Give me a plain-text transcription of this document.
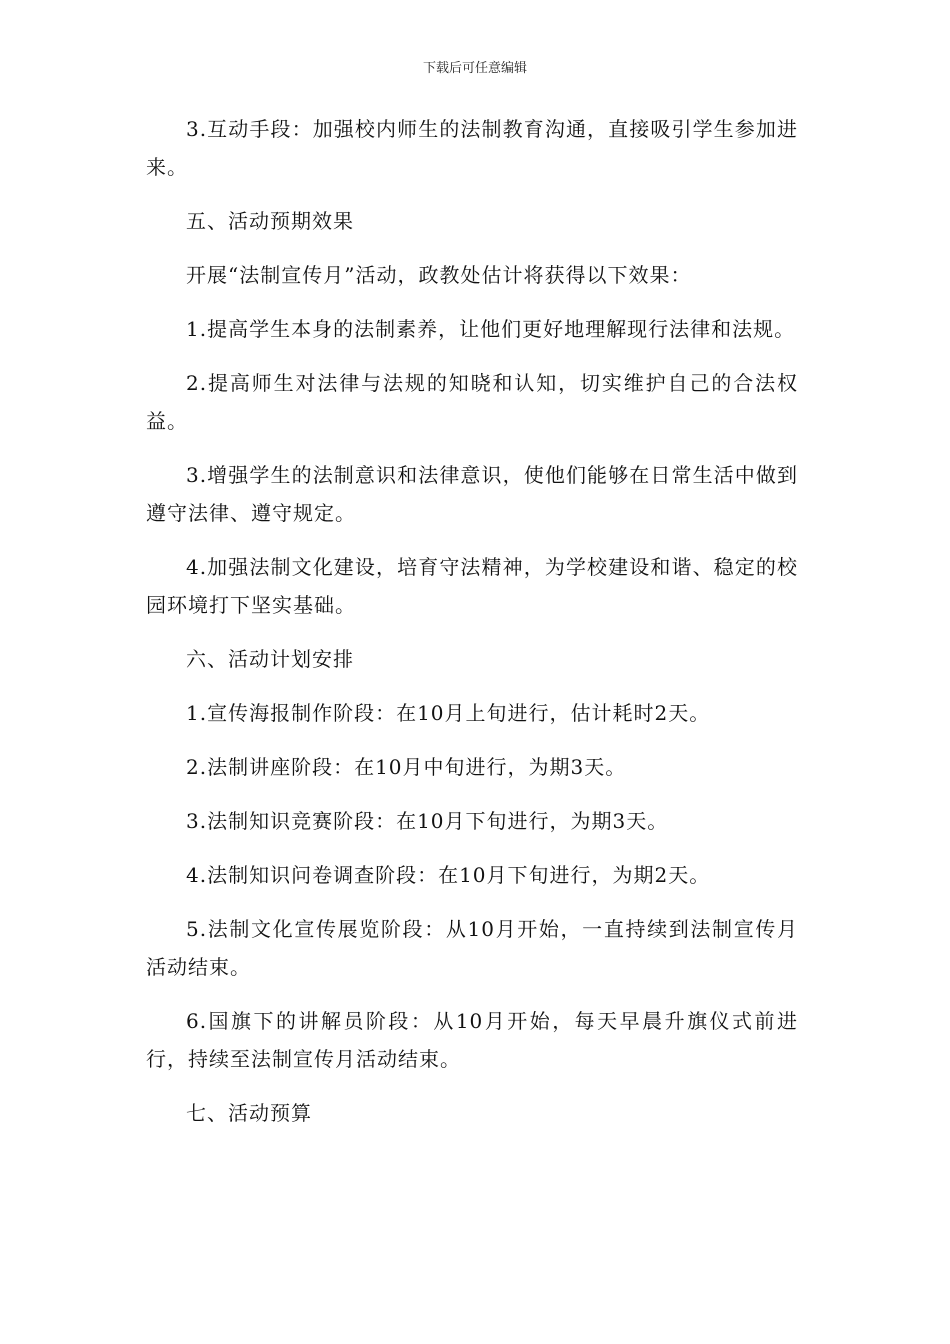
下载后可任意编辑

3.互动手段：加强校内师生的法制教育沟通，直接吸引学生参加进来。

五、活动预期效果

开展“法制宣传月”活动，政教处估计将获得以下效果：

1.提高学生本身的法制素养，让他们更好地理解现行法律和法规。

2.提高师生对法律与法规的知晓和认知，切实维护自己的合法权益。

3.增强学生的法制意识和法律意识，使他们能够在日常生活中做到遵守法律、遵守规定。

4.加强法制文化建设，培育守法精神，为学校建设和谐、稳定的校园环境打下坚实基础。

六、活动计划安排

1.宣传海报制作阶段：在10月上旬进行，估计耗时2天。

2.法制讲座阶段：在10月中旬进行，为期3天。

3.法制知识竞赛阶段：在10月下旬进行，为期3天。

4.法制知识问卷调查阶段：在10月下旬进行，为期2天。

5.法制文化宣传展览阶段：从10月开始，一直持续到法制宣传月活动结束。

6.国旗下的讲解员阶段：从10月开始，每天早晨升旗仪式前进行，持续至法制宣传月活动结束。

七、活动预算
